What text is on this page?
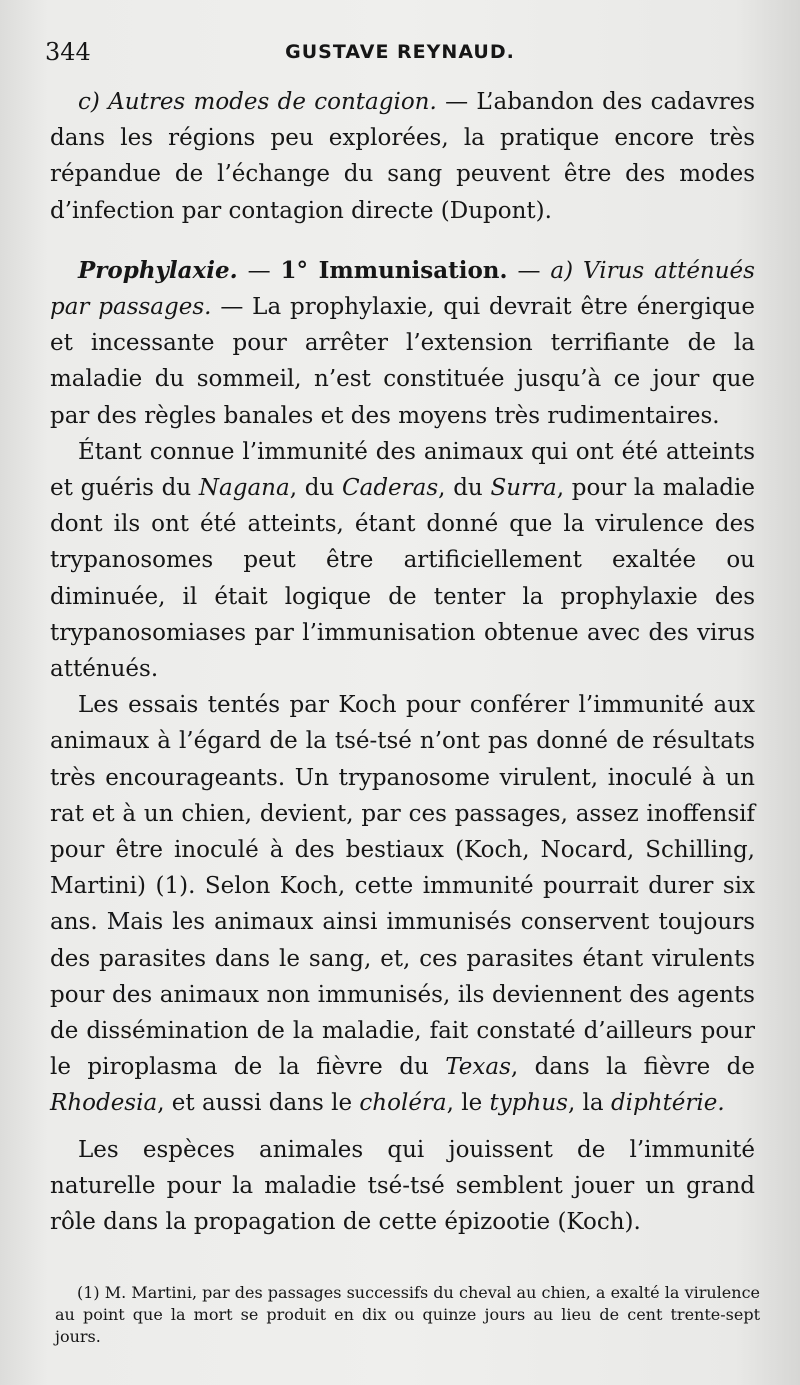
344	GUSTAVE REYNAUD.

c) Autres modes de contagion. — L’abandon des cadavres dans les régions peu explorées, la pratique encore très répandue de l’échange du sang peuvent être des modes d’infection par contagion directe (Dupont).

Prophylaxie. — 1° Immunisation. — a) Virus atténués par passages. — La prophylaxie, qui devrait être énergique et incessante pour arrêter l’extension terrifiante de la maladie du sommeil, n’est constituée jusqu’à ce jour que par des règles banales et des moyens très rudimentaires.

Étant connue l’immunité des animaux qui ont été atteints et guéris du Nagana, du Caderas, du Surra, pour la maladie dont ils ont été atteints, étant donné que la virulence des trypanosomes peut être artificiellement exaltée ou diminuée, il était logique de tenter la prophylaxie des trypanosomiases par l’immunisation obtenue avec des virus atténués.

Les essais tentés par Koch pour conférer l’immunité aux animaux à l’égard de la tsé-tsé n’ont pas donné de résultats très encourageants. Un trypanosome virulent, inoculé à un rat et à un chien, devient, par ces passages, assez inoffensif pour être inoculé à des bestiaux (Koch, Nocard, Schilling, Martini) (1). Selon Koch, cette immunité pourrait durer six ans. Mais les animaux ainsi immunisés conservent toujours des parasites dans le sang, et, ces parasites étant virulents pour des animaux non immunisés, ils deviennent des agents de dissémination de la maladie, fait constaté d’ailleurs pour le piroplasma de la fièvre du Texas, dans la fièvre de Rhodesia, et aussi dans le choléra, le typhus, la diphtérie.

Les espèces animales qui jouissent de l’immunité naturelle pour la maladie tsé-tsé semblent jouer un grand rôle dans la propagation de cette épizootie (Koch).

(1) M. Martini, par des passages successifs du cheval au chien, a exalté la virulence au point que la mort se produit en dix ou quinze jours au lieu de cent trente-sept jours.
